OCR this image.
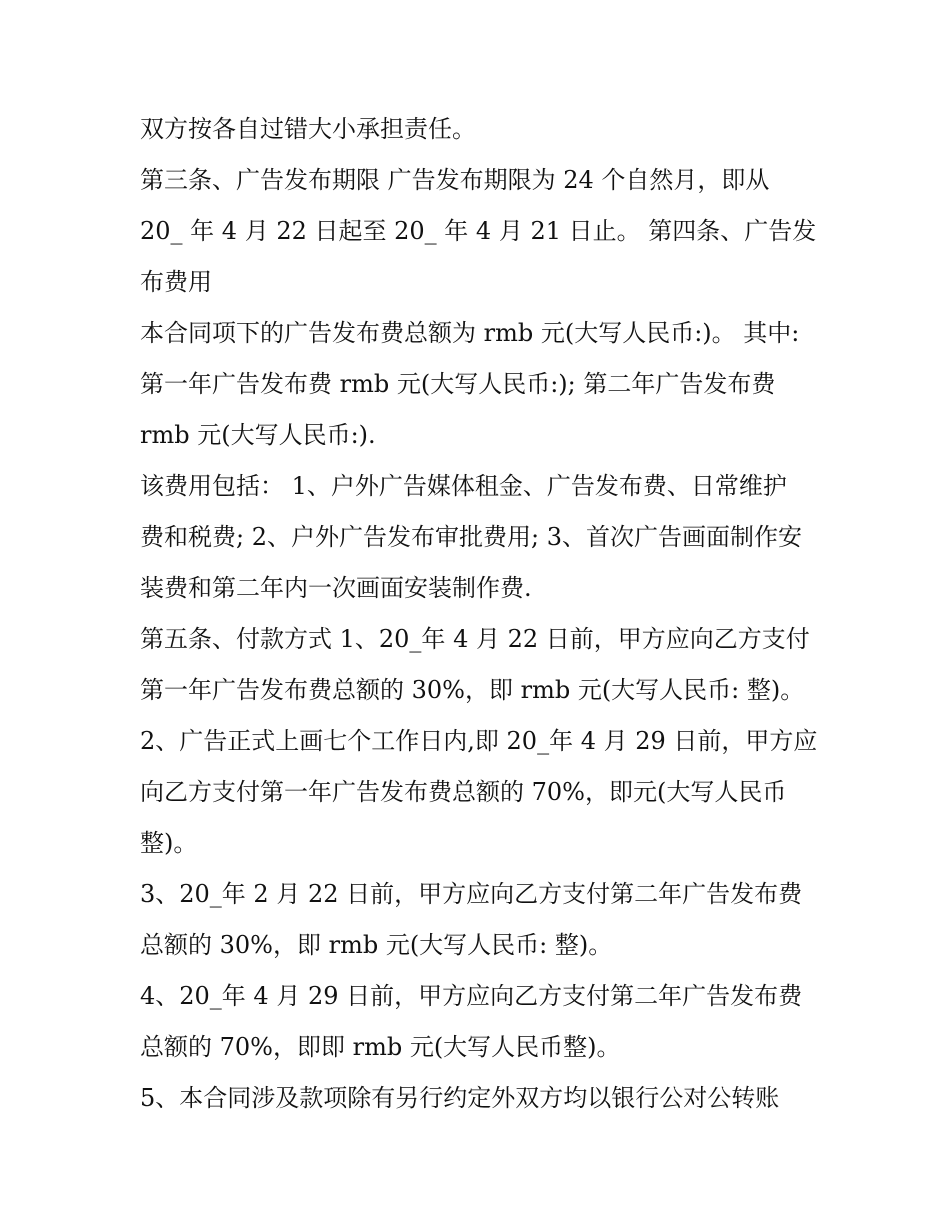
双方按各自过错大小承担责任。
第三条、广告发布期限 广告发布期限为 24 个自然月，即从
20_ 年 4 月 22 日起至 20_ 年 4 月 21 日止。 第四条、广告发
布费用
本合同项下的广告发布费总额为 rmb 元(大写人民币:)。 其中:
第一年广告发布费 rmb 元(大写人民币:); 第二年广告发布费
rmb 元(大写人民币:).
该费用包括： 1、户外广告媒体租金、广告发布费、日常维护
费和税费; 2、户外广告发布审批费用; 3、首次广告画面制作安
装费和第二年内一次画面安装制作费.
第五条、付款方式 1、20_年 4 月 22 日前，甲方应向乙方支付
第一年广告发布费总额的 30%，即 rmb 元(大写人民币: 整)。
2、广告正式上画七个工作日内,即 20_年 4 月 29 日前，甲方应
向乙方支付第一年广告发布费总额的 70%，即元(大写人民币
整)。
3、20_年 2 月 22 日前，甲方应向乙方支付第二年广告发布费
总额的 30%，即 rmb 元(大写人民币: 整)。
4、20_年 4 月 29 日前，甲方应向乙方支付第二年广告发布费
总额的 70%，即即 rmb 元(大写人民币整)。
5、本合同涉及款项除有另行约定外双方均以银行公对公转账
